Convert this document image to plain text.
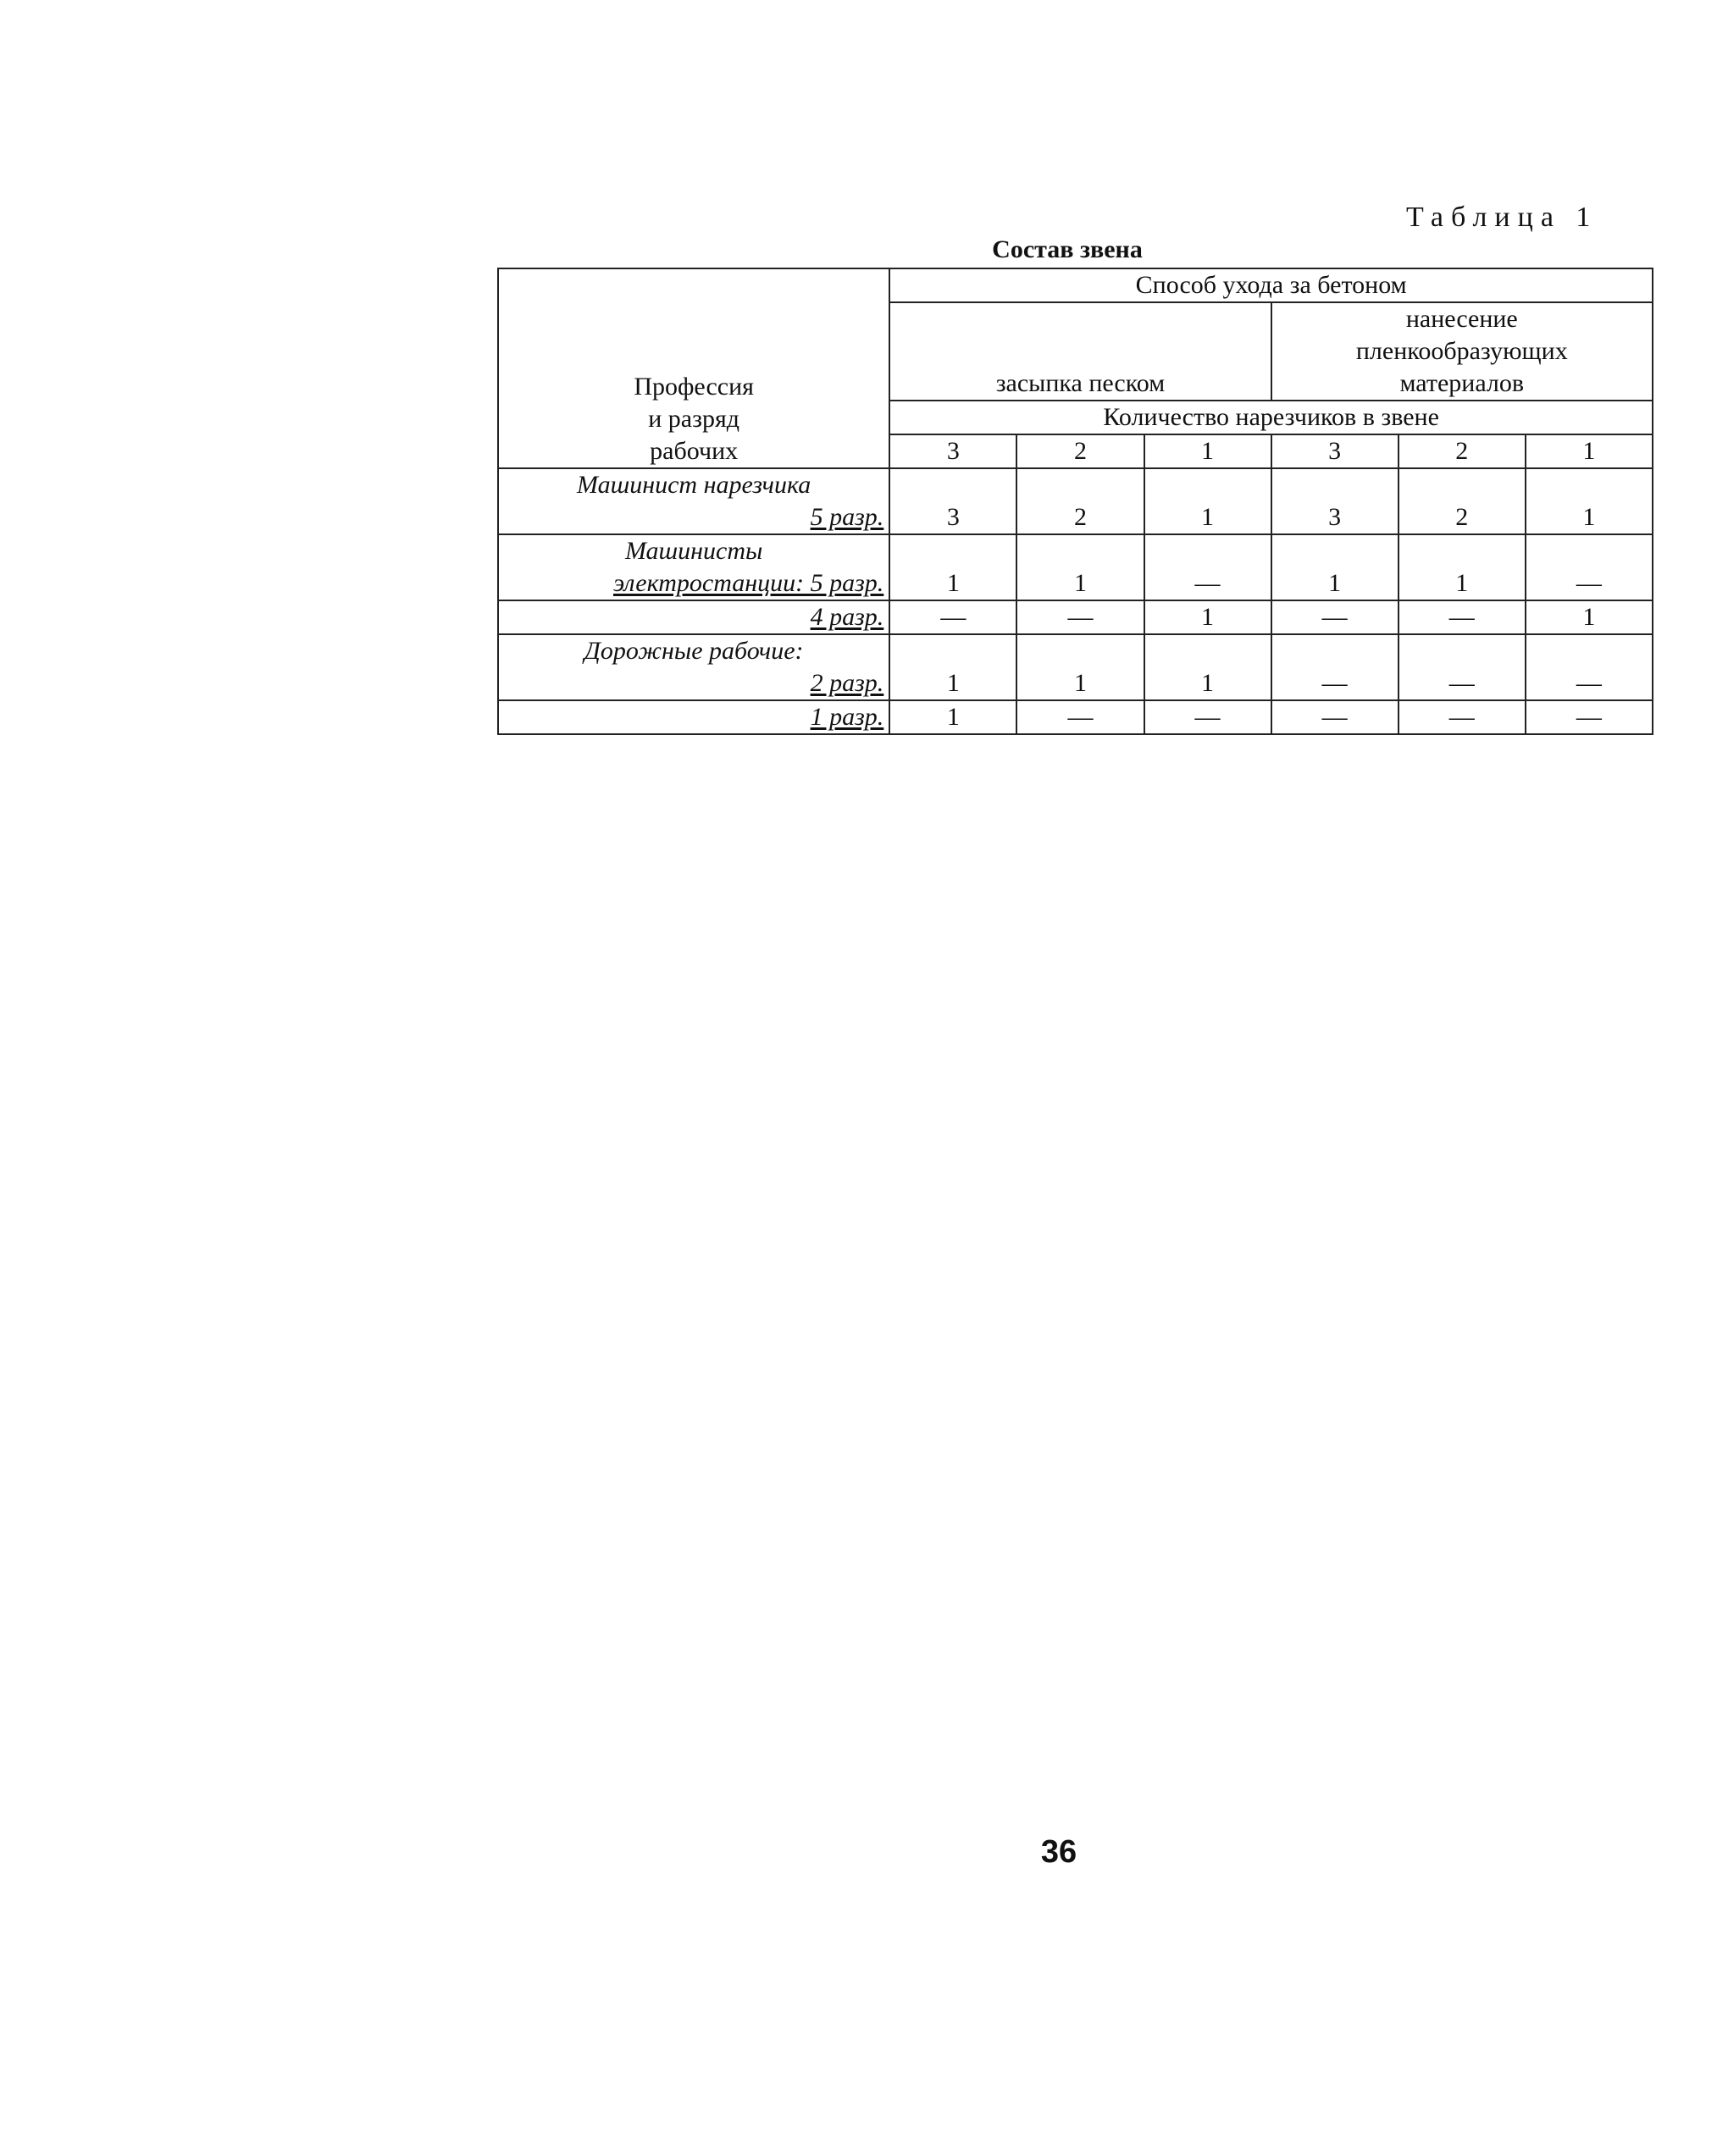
Таблица 1
Состав звена
Профессия
и разряд
рабочих	Способ ухода за бетоном					
	засыпка песком			нанесение
пленкообразующих
материалов		

	Количество нарезчиков в звене					
	3	2	1	3	2	1

Машинист нарезчика
5 разр.	3	2	1	3	2	1

Машинисты
электростанции: 5 разр.	1	1	—	1	1	—

4 разр.	—	—	1	—	—	1

Дорожные рабочие:
2 разр.	1	1	1	—	—	—

1 разр.	1	—	—	—	—	—
36
